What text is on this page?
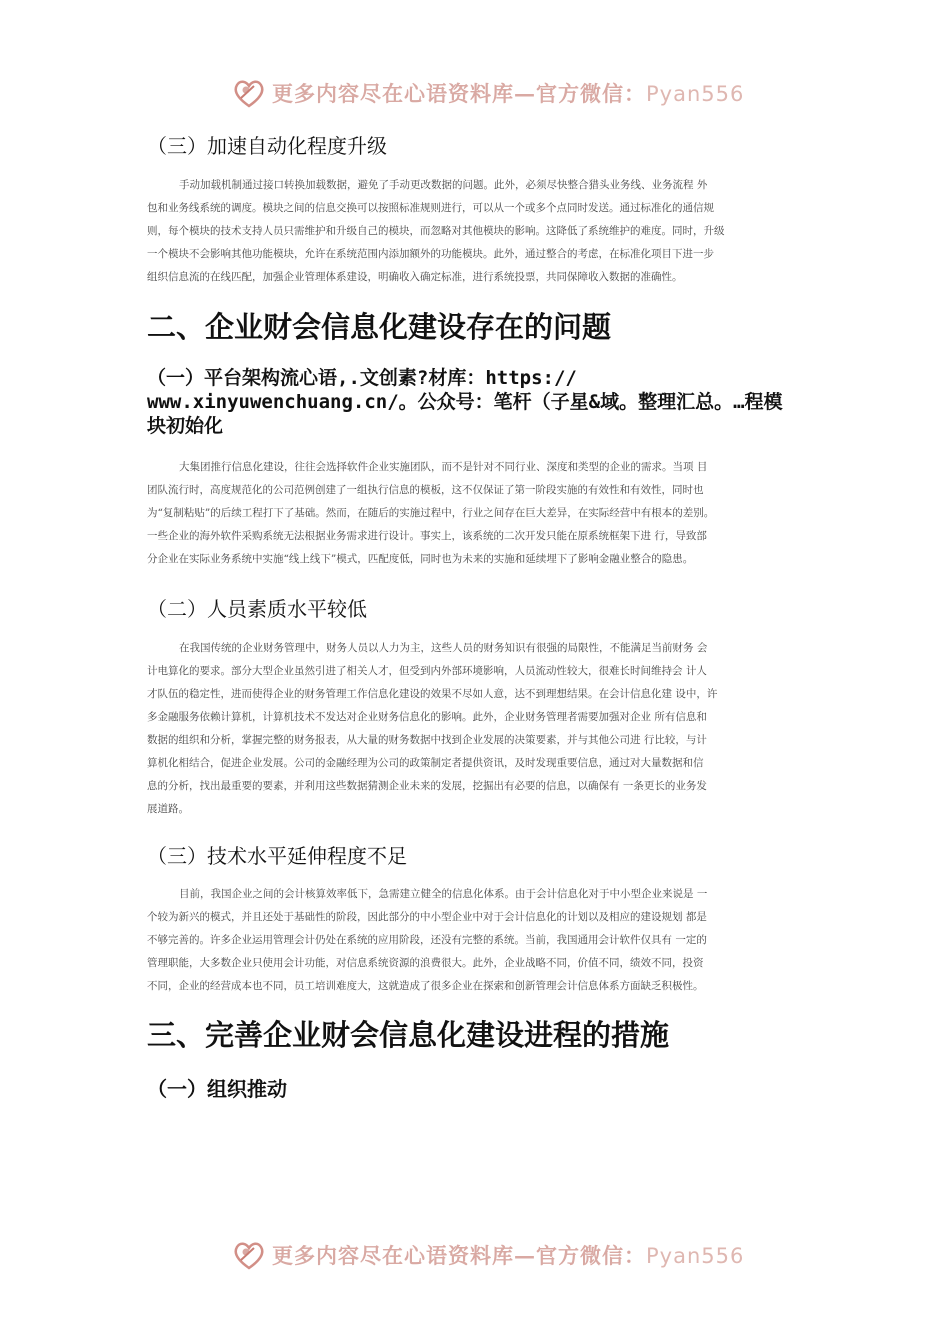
更多内容尽在心语资料库—官方微信：Pyan556
（三）加速自动化程度升级
手动加载机制通过接口转换加载数据，避免了手动更改数据的问题。此外，必须尽快整合猎头业务线、业务流程 外
包和业务线系统的调度。模块之间的信息交换可以按照标准规则进行，可以从一个或多个点同时发送。通过标准化的通信规
则，每个模块的技术支持人员只需维护和升级自己的模块，而忽略对其他模块的影响。这降低了系统维护的难度。同时，升级
一个模块不会影响其他功能模块，允许在系统范围内添加额外的功能模块。此外，通过整合的考虑，在标准化项目下进一步
组织信息流的在线匹配，加强企业管理体系建设，明确收入确定标准，进行系统投票，共同保障收入数据的准确性。
二、企业财会信息化建设存在的问题
（一）平台架构流心语,.文创素?材库：https://
www.xinyuwenchuang.cn/。公众号：笔杆（子星&域。整理汇总。…程模
块初始化
大集团推行信息化建设，往往会选择软件企业实施团队，而不是针对不同行业、深度和类型的企业的需求。当项 目
团队流行时，高度规范化的公司范例创建了一组执行信息的模板，这不仅保证了第一阶段实施的有效性和有效性，同时也
为“复制粘贴”的后续工程打下了基础。然而，在随后的实施过程中，行业之间存在巨大差异，在实际经营中有根本的差别。
一些企业的海外软件采购系统无法根据业务需求进行设计。事实上，该系统的二次开发只能在原系统框架下进 行，导致部
分企业在实际业务系统中实施“线上线下”模式，匹配度低，同时也为未来的实施和延续埋下了影响金融业整合的隐患。
（二）人员素质水平较低
在我国传统的企业财务管理中，财务人员以人力为主，这些人员的财务知识有很强的局限性，不能满足当前财务 会
计电算化的要求。部分大型企业虽然引进了相关人才，但受到内外部环境影响，人员流动性较大，很难长时间维持会 计人
才队伍的稳定性，进而使得企业的财务管理工作信息化建设的效果不尽如人意，达不到理想结果。在会计信息化建 设中，许
多金融服务依赖计算机，计算机技术不发达对企业财务信息化的影响。此外，企业财务管理者需要加强对企业 所有信息和
数据的组织和分析，掌握完整的财务报表，从大量的财务数据中找到企业发展的决策要素，并与其他公司进 行比较，与计
算机化相结合，促进企业发展。公司的金融经理为公司的政策制定者提供资讯，及时发现重要信息，通过对大量数据和信
息的分析，找出最重要的要素，并利用这些数据猜测企业未来的发展，挖掘出有必要的信息，以确保有 一条更长的业务发
展道路。
（三）技术水平延伸程度不足
目前，我国企业之间的会计核算效率低下，急需建立健全的信息化体系。由于会计信息化对于中小型企业来说是 一
个较为新兴的模式，并且还处于基础性的阶段，因此部分的中小型企业中对于会计信息化的计划以及相应的建设规划 都是
不够完善的。许多企业运用管理会计仍处在系统的应用阶段，还没有完整的系统。当前，我国通用会计软件仅具有 一定的
管理职能，大多数企业只使用会计功能，对信息系统资源的浪费很大。此外，企业战略不同，价值不同，绩效不同，投资
不同，企业的经营成本也不同，员工培训难度大，这就造成了很多企业在探索和创新管理会计信息体系方面缺乏积极性。
三、完善企业财会信息化建设进程的措施
（一）组织推动
更多内容尽在心语资料库—官方微信：Pyan556
